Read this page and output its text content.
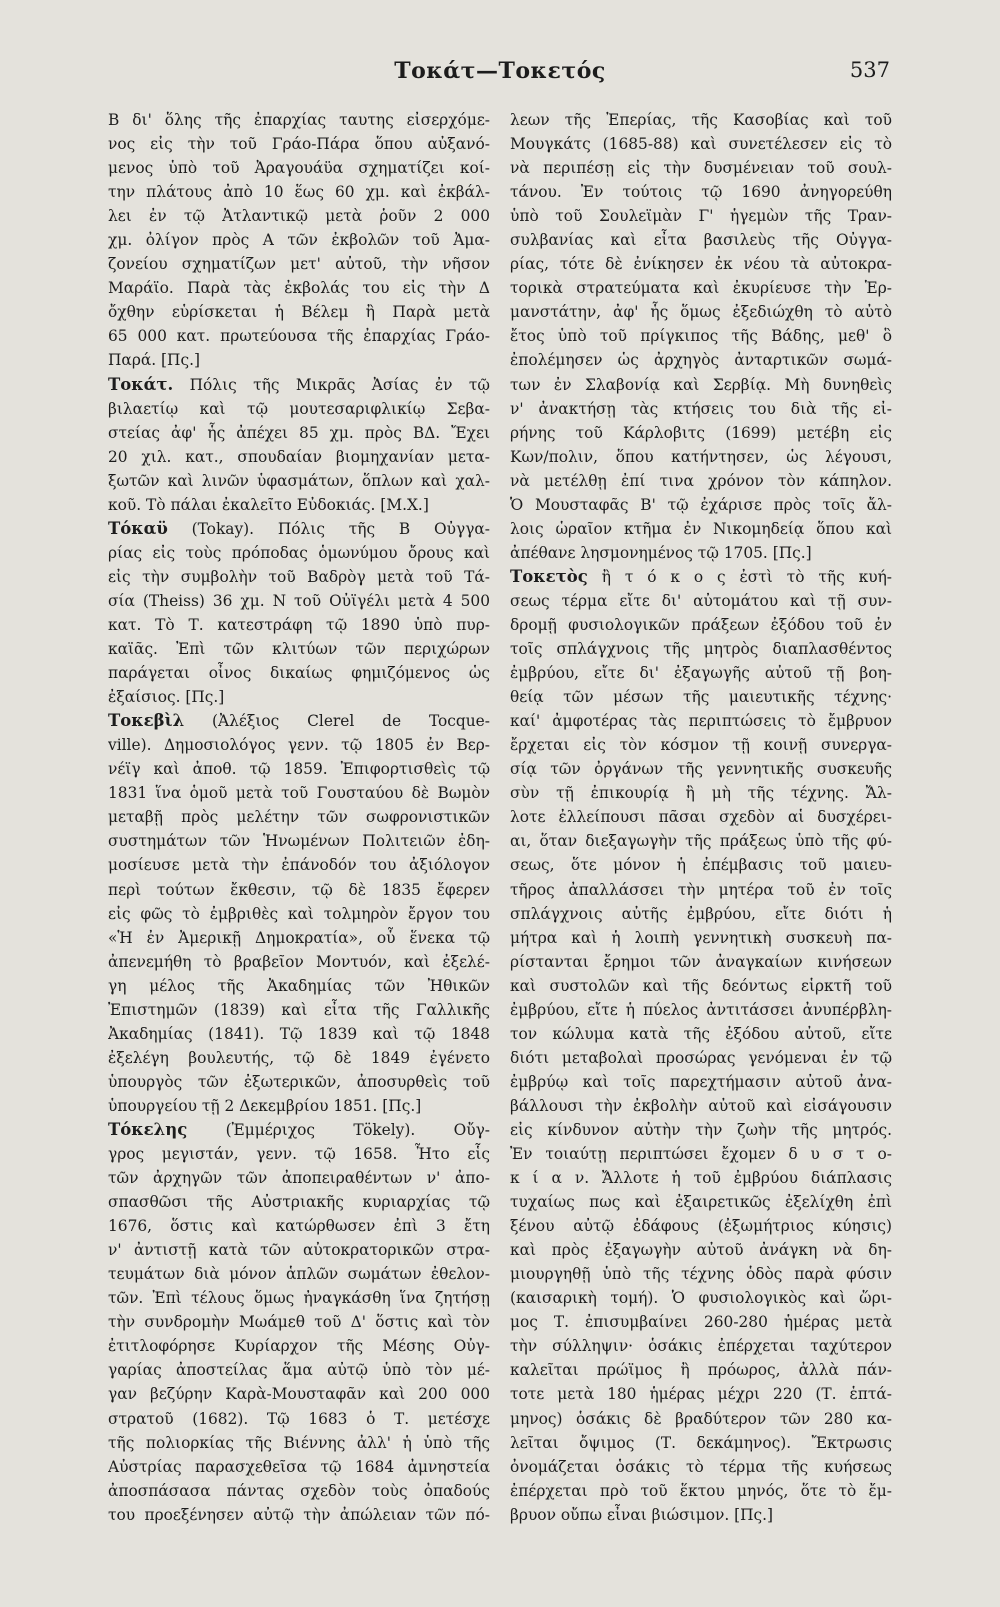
Τοκάτ—Τοκετός	537
Β δι' ὅλης τῆς ἐπαρχίας ταυτης εἰσερχόμε-
νος εἰς τὴν τοῦ Γράο-Πάρα ὅπου αὐξανό-
μενος ὑπὸ τοῦ Ἀραγουάϋα σχηματίζει κοί-
την πλάτους ἀπὸ 10 ἕως 60 χμ. καὶ ἐκβάλ-
λει ἐν τῷ Ἀτλαντικῷ μετὰ ῥοῦν 2 000
χμ. ὀλίγον πρὸς Α τῶν ἐκβολῶν τοῦ Ἀμα-
ζονείου σχηματίζων μετ' αὐτοῦ, τὴν νῆσον
Μαράϊο. Παρὰ τὰς ἐκβολάς του εἰς τὴν Δ
ὄχθην εὑρίσκεται ἡ Βέλεμ ἢ Παρὰ μετὰ
65 000 κατ. πρωτεύουσα τῆς ἐπαρχίας Γράο-
Παρά. [Πς.]
Τοκάτ. Πόλις τῆς Μικρᾶς Ἀσίας ἐν τῷ
βιλαετίῳ καὶ τῷ μουτεσαριφλικίῳ Σεβα-
στείας ἀφ' ἧς ἀπέχει 85 χμ. πρὸς ΒΔ. Ἔχει
20 χιλ. κατ., σπουδαίαν βιομηχανίαν μετα-
ξωτῶν καὶ λινῶν ὑφασμάτων, ὅπλων καὶ χαλ-
κοῦ. Τὸ πάλαι ἐκαλεῖτο Εὐδοκιάς. [Μ.Χ.]
Τόκαϋ (Tokay). Πόλις τῆς Β Οὐγγα-
ρίας εἰς τοὺς πρόποδας ὁμωνύμου ὄρους καὶ
εἰς τὴν συμβολὴν τοῦ Βαδρὸγ μετὰ τοῦ Τά-
σία (Theiss) 36 χμ. Ν τοῦ Οὐϊγέλι μετὰ 4 500
κατ. Τὸ Τ. κατεστράφη τῷ 1890 ὑπὸ πυρ-
καϊᾶς. Ἐπὶ τῶν κλιτύων τῶν περιχώρων
παράγεται οἶνος δικαίως φημιζόμενος ὡς
ἐξαίσιος. [Πς.]
Τοκεβὶλ (Ἀλέξιος Clerel de Tocque-
ville). Δημοσιολόγος γενν. τῷ 1805 ἐν Βερ-
νέϊγ καὶ ἀποθ. τῷ 1859. Ἐπιφορτισθεὶς τῷ
1831 ἵνα ὁμοῦ μετὰ τοῦ Γουσταύου δὲ Βωμὸν
μεταβῇ πρὸς μελέτην τῶν σωφρονιστικῶν
συστημάτων τῶν Ἡνωμένων Πολιτειῶν ἐδη-
μοσίευσε μετὰ τὴν ἐπάνοδόν του ἀξιόλογον
περὶ τούτων ἔκθεσιν, τῷ δὲ 1835 ἔφερεν
εἰς φῶς τὸ ἐμβριθὲς καὶ τολμηρὸν ἔργον του
«Ἡ ἐν Ἀμερικῇ Δημοκρατία», οὗ ἕνεκα τῷ
ἀπενεμήθη τὸ βραβεῖον Μοντυόν, καὶ ἐξελέ-
γη μέλος τῆς Ἀκαδημίας τῶν Ἠθικῶν
Ἐπιστημῶν (1839) καὶ εἶτα τῆς Γαλλικῆς
Ἀκαδημίας (1841). Τῷ 1839 καὶ τῷ 1848
ἐξελέγη βουλευτής, τῷ δὲ 1849 ἐγένετο
ὑπουργὸς τῶν ἐξωτερικῶν, ἀποσυρθεὶς τοῦ
ὑπουργείου τῇ 2 Δεκεμβρίου 1851. [Πς.]
Τόκελης (Ἐμμέριχος Tökely). Οὔγ-
γρος μεγιστάν, γενν. τῷ 1658. Ἦτο εἷς
τῶν ἀρχηγῶν τῶν ἀποπειραθέντων ν' ἀπο-
σπασθῶσι τῆς Αὐστριακῆς κυριαρχίας τῷ
1676, ὅστις καὶ κατώρθωσεν ἐπὶ 3 ἔτη
ν' ἀντιστῇ κατὰ τῶν αὐτοκρατορικῶν στρα-
τευμάτων διὰ μόνον ἁπλῶν σωμάτων ἐθελον-
τῶν. Ἐπὶ τέλους ὅμως ἠναγκάσθη ἵνα ζητήσῃ
τὴν συνδρομὴν Μωάμεθ τοῦ Δ' ὅστις καὶ τὸν
ἐτιτλοφόρησε Κυρίαρχον τῆς Μέσης Οὐγ-
γαρίας ἀποστείλας ἅμα αὐτῷ ὑπὸ τὸν μέ-
γαν βεζύρην Καρὰ-Μουσταφᾶν καὶ 200 000
στρατοῦ (1682). Τῷ 1683 ὁ Τ. μετέσχε
τῆς πολιορκίας τῆς Βιέννης ἀλλ' ἡ ὑπὸ τῆς
Αὐστρίας παρασχεθεῖσα τῷ 1684 ἀμνηστεία
ἀποσπάσασα πάντας σχεδὸν τοὺς ὀπαδούς
του προεξένησεν αὐτῷ τὴν ἀπώλειαν τῶν πό-
λεων τῆς Ἐπερίας, τῆς Κασοβίας καὶ τοῦ
Μουγκάτς (1685-88) καὶ συνετέλεσεν εἰς τὸ
νὰ περιπέσῃ εἰς τὴν δυσμένειαν τοῦ σουλ-
τάνου. Ἐν τούτοις τῷ 1690 ἀνηγορεύθη
ὑπὸ τοῦ Σουλεϊμὰν Γ' ἡγεμὼν τῆς Τραν-
συλβανίας καὶ εἶτα βασιλεὺς τῆς Οὐγγα-
ρίας, τότε δὲ ἐνίκησεν ἐκ νέου τὰ αὐτοκρα-
τορικὰ στρατεύματα καὶ ἐκυρίευσε τὴν Ἑρ-
μανστάτην, ἀφ' ἧς ὅμως ἐξεδιώχθη τὸ αὐτὸ
ἔτος ὑπὸ τοῦ πρίγκιπος τῆς Βάδης, μεθ' ὃ
ἐπολέμησεν ὡς ἀρχηγὸς ἀνταρτικῶν σωμά-
των ἐν Σλαβονίᾳ καὶ Σερβίᾳ. Μὴ δυνηθεὶς
ν' ἀνακτήσῃ τὰς κτήσεις του διὰ τῆς εἰ-
ρήνης τοῦ Κάρλοβιτς (1699) μετέβη εἰς
Κων/πολιν, ὅπου κατήντησεν, ὡς λέγουσι,
νὰ μετέλθῃ ἐπί τινα χρόνον τὸν κάπηλον.
Ὁ Μουσταφᾶς Β' τῷ ἐχάρισε πρὸς τοῖς ἄλ-
λοις ὡραῖον κτῆμα ἐν Νικομηδείᾳ ὅπου καὶ
ἀπέθανε λησμονημένος τῷ 1705. [Πς.]
Τοκετὸς ἢ τ ό κ ο ς ἐστὶ τὸ τῆς κυή-
σεως τέρμα εἴτε δι' αὐτομάτου καὶ τῇ συν-
δρομῇ φυσιολογικῶν πράξεων ἐξόδου τοῦ ἐν
τοῖς σπλάγχνοις τῆς μητρὸς διαπλασθέντος
ἐμβρύου, εἴτε δι' ἐξαγωγῆς αὐτοῦ τῇ βοη-
θείᾳ τῶν μέσων τῆς μαιευτικῆς τέχνης·
καί' ἀμφοτέρας τὰς περιπτώσεις τὸ ἔμβρυον
ἔρχεται εἰς τὸν κόσμον τῇ κοινῇ συνεργα-
σίᾳ τῶν ὀργάνων τῆς γεννητικῆς συσκευῆς
σὺν τῇ ἐπικουρίᾳ ἢ μὴ τῆς τέχνης. Ἄλ-
λοτε ἐλλείπουσι πᾶσαι σχεδὸν αἱ δυσχέρει-
αι, ὅταν διεξαγωγὴν τῆς πράξεως ὑπὸ τῆς φύ-
σεως, ὅτε μόνον ἡ ἐπέμβασις τοῦ μαιευ-
τῆρος ἀπαλλάσσει τὴν μητέρα τοῦ ἐν τοῖς
σπλάγχνοις αὐτῆς ἐμβρύου, εἴτε διότι ἡ
μήτρα καὶ ἡ λοιπὴ γεννητικὴ συσκευὴ πα-
ρίστανται ἔρημοι τῶν ἀναγκαίων κινήσεων
καὶ συστολῶν καὶ τῆς δεόντως εἱρκτῆ τοῦ
ἐμβρύου, εἴτε ἡ πύελος ἀντιτάσσει ἀνυπέρβλη-
τον κώλυμα κατὰ τῆς ἐξόδου αὐτοῦ, εἴτε
διότι μεταβολαὶ προσώρας γενόμεναι ἐν τῷ
ἐμβρύῳ καὶ τοῖς παρεχτήμασιν αὐτοῦ ἀνα-
βάλλουσι τὴν ἐκβολὴν αὐτοῦ καὶ εἰσάγουσιν
εἰς κίνδυνον αὐτὴν τὴν ζωὴν τῆς μητρός.
Ἐν τοιαύτῃ περιπτώσει ἔχομεν δ υ σ τ ο-
κ ί α ν. Ἄλλοτε ἡ τοῦ ἐμβρύου διάπλασις
τυχαίως πως καὶ ἐξαιρετικῶς ἐξελίχθη ἐπὶ
ξένου αὐτῷ ἐδάφους (ἐξωμήτριος κύησις)
καὶ πρὸς ἐξαγωγὴν αὐτοῦ ἀνάγκη νὰ δη-
μιουργηθῇ ὑπὸ τῆς τέχνης ὁδὸς παρὰ φύσιν
(καισαρικὴ τομή). Ὁ φυσιολογικὸς καὶ ὥρι-
μος Τ. ἐπισυμβαίνει 260-280 ἡμέρας μετὰ
τὴν σύλληψιν· ὁσάκις ἐπέρχεται ταχύτερον
καλεῖται πρώϊμος ἢ πρόωρος, ἀλλὰ πάν-
τοτε μετὰ 180 ἡμέρας μέχρι 220 (Τ. ἑπτά-
μηνος) ὁσάκις δὲ βραδύτερον τῶν 280 κα-
λεῖται ὄψιμος (Τ. δεκάμηνος). Ἔκτρωσις
ὀνομάζεται ὁσάκις τὸ τέρμα τῆς κυήσεως
ἐπέρχεται πρὸ τοῦ ἕκτου μηνός, ὅτε τὸ ἔμ-
βρυον οὔπω εἶναι βιώσιμον. [Πς.]
